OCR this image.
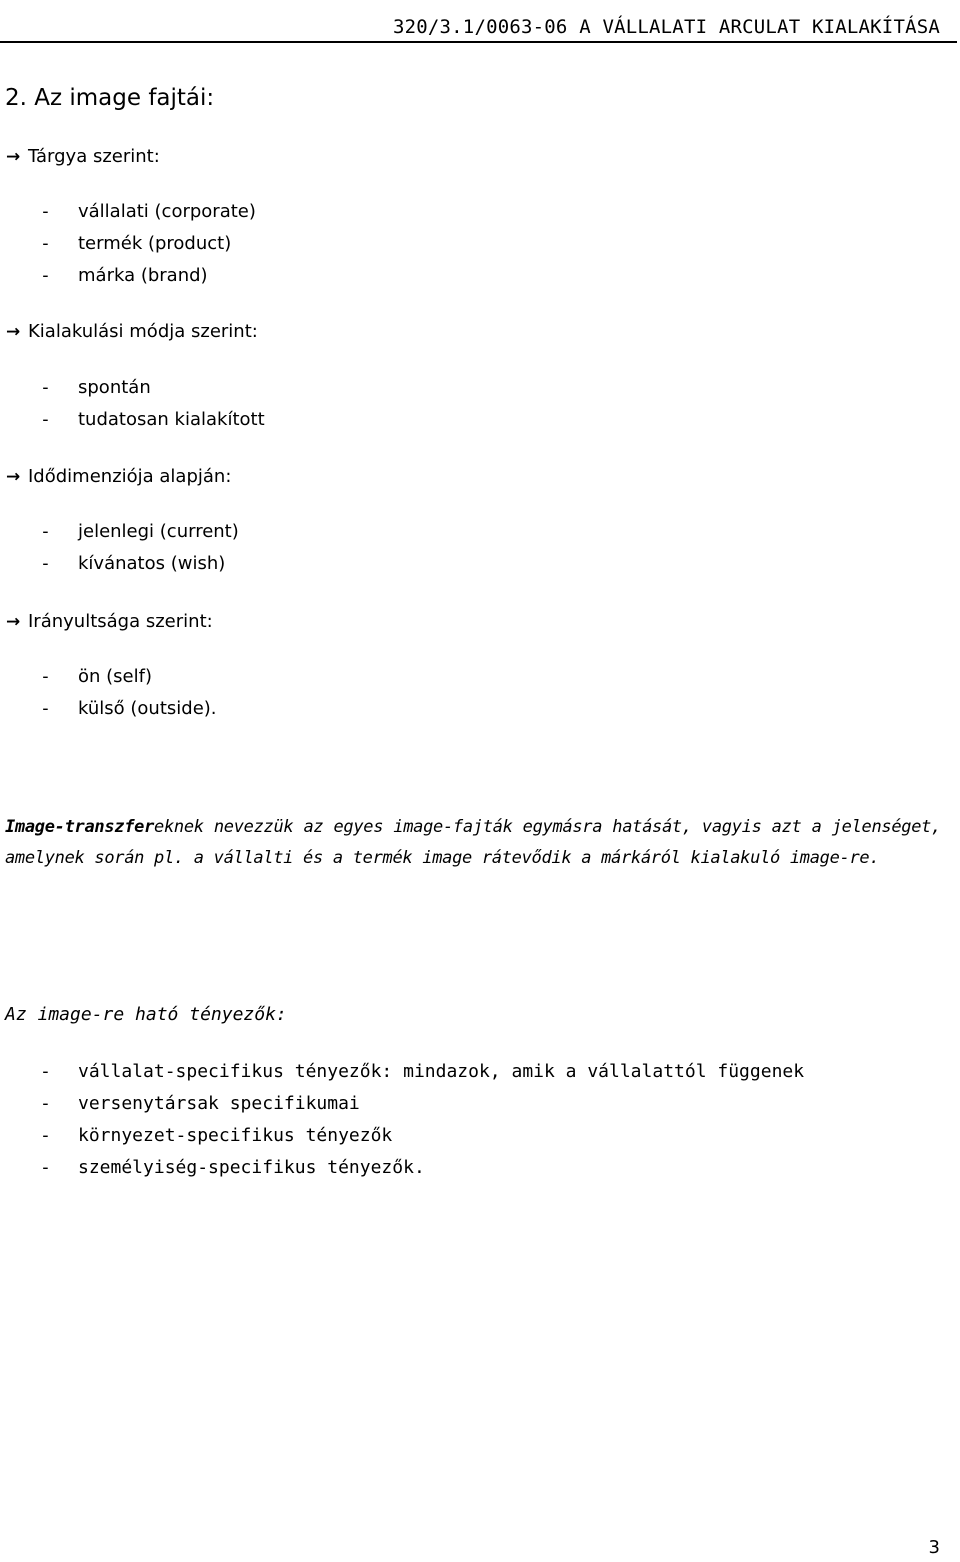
320/3.1/0063-06 A VÁLLALATI ARCULAT KIALAKÍTÁSA
2. Az image fajtái:
→ Tárgya szerint:
- vállalati (corporate)
- termék (product)
- márka (brand)
→ Kialakulási módja szerint:
- spontán
- tudatosan kialakított
→ Idődimenziója alapján:
- jelenlegi (current)
- kívánatos (wish)
→ Irányultsága szerint:
- ön (self)
- külső (outside).

Image-transzfereknek nevezzük az egyes image-fajták egymásra hatását, vagyis azt a jelenséget, amelynek során pl. a vállalti és a termék image rátevődik a márkáról kialakuló image-re.

Az image-re ható tényezők:
- vállalat-specifikus tényezők: mindazok, amik a vállalattól függenek
- versenytársak specifikumai
- környezet-specifikus tényezők
- személyiség-specifikus tényezők.
3
